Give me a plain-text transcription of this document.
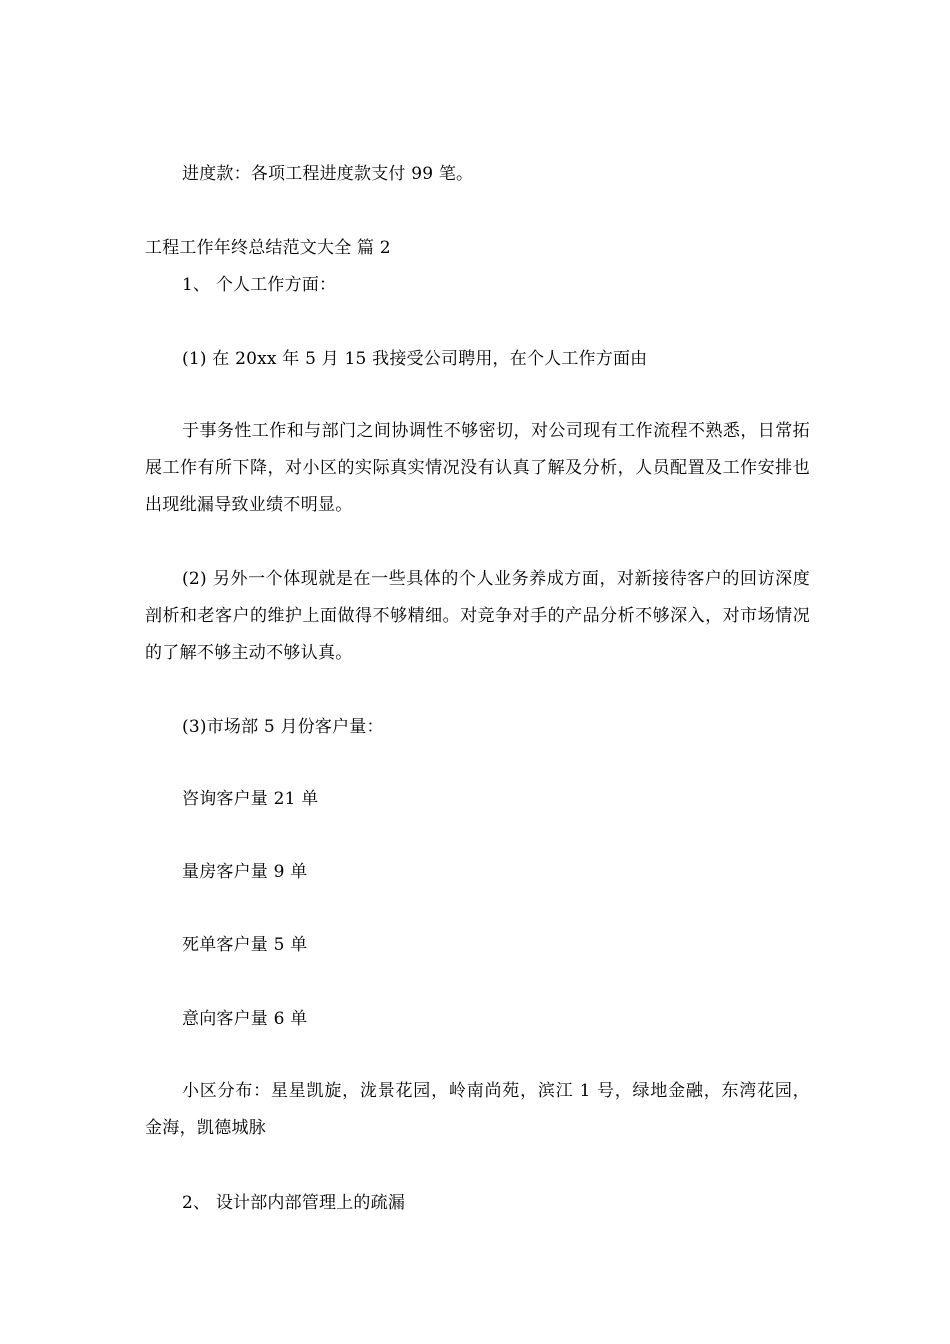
进度款：各项工程进度款支付 99 笔。
工程工作年终总结范文大全 篇 2
1、 个人工作方面：
(1) 在 20xx 年 5 月 15 我接受公司聘用，在个人工作方面由
于事务性工作和与部门之间协调性不够密切，对公司现有工作流程不熟悉，日常拓展工作有所下降，对小区的实际真实情况没有认真了解及分析，人员配置及工作安排也出现纰漏导致业绩不明显。
(2) 另外一个体现就是在一些具体的个人业务养成方面，对新接待客户的回访深度剖析和老客户的维护上面做得不够精细。对竞争对手的产品分析不够深入，对市场情况的了解不够主动不够认真。
(3)市场部 5 月份客户量：
咨询客户量 21 单
量房客户量 9 单
死单客户量 5 单
意向客户量 6 单
小区分布：星星凯旋，泷景花园，岭南尚苑，滨江 1 号，绿地金融，东湾花园，金海，凯德城脉
2、 设计部内部管理上的疏漏
